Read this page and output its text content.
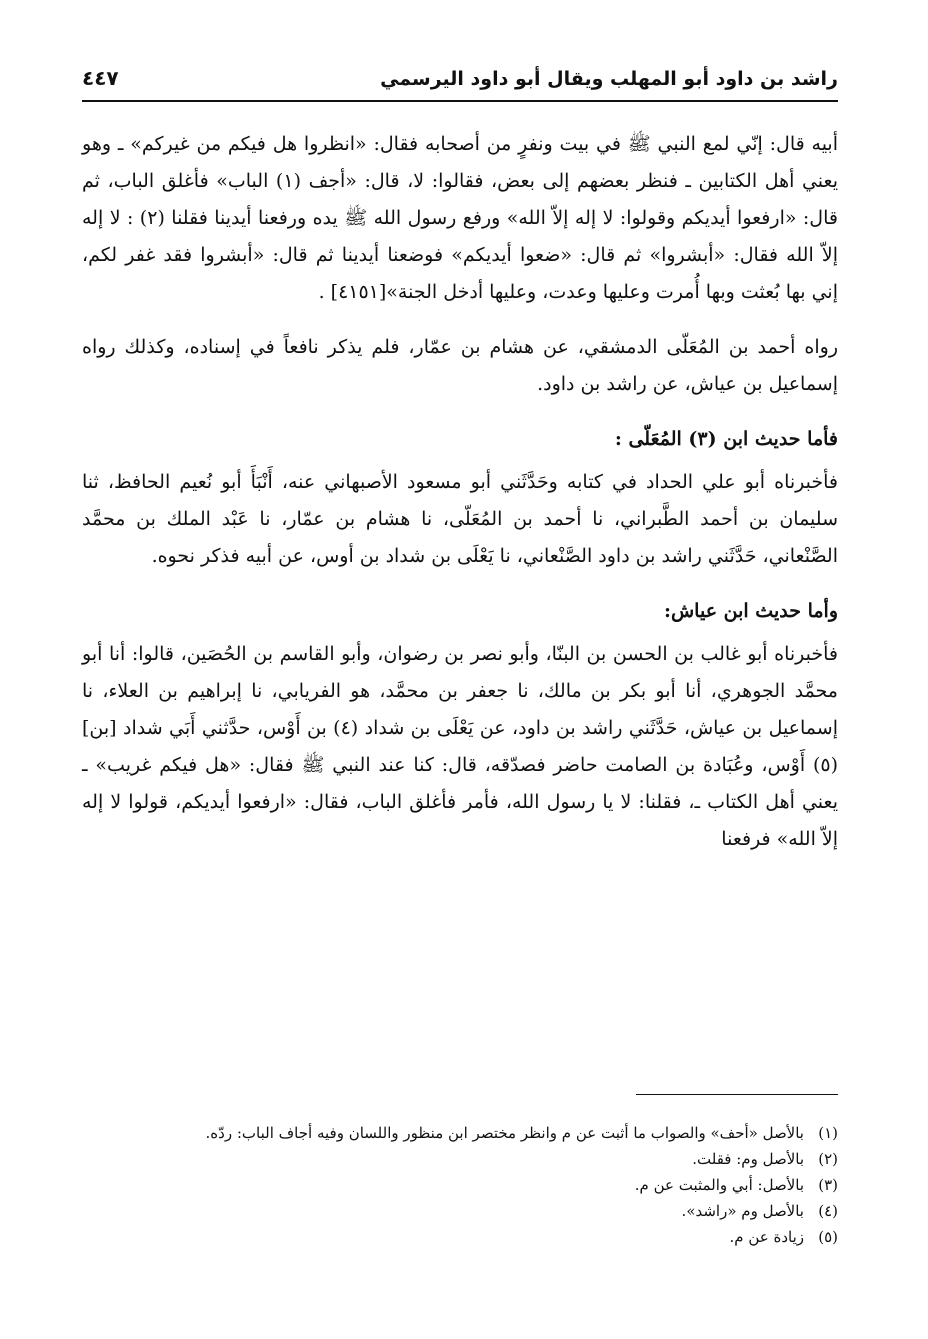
راشد بن داود أبو المهلب ويقال أبو داود اليرسمي
٤٤٧

أبيه قال: إنّي لمع النبي ﷺ في بيت ونفرٍ من أصحابه فقال: «انظروا هل فيكم من غيركم» ـ وهو يعني أهل الكتابين ـ فنظر بعضهم إلى بعض، فقالوا: لا، قال: «أجف (١) الباب» فأغلق الباب، ثم قال: «ارفعوا أيديكم وقولوا: لا إله إلاّ الله» ورفع رسول الله ﷺ يده ورفعنا أيدينا فقلنا (٢) : لا إله إلاّ الله فقال: «أبشروا» ثم قال: «ضعوا أيديكم» فوضعنا أيدينا ثم قال: «أبشروا فقد غفر لكم، إني بها بُعثت وبها أُمرت وعليها وعدت، وعليها أدخل الجنة»[٤١٥١] .

رواه أحمد بن المُعَلّى الدمشقي، عن هشام بن عمّار، فلم يذكر نافعاً في إسناده، وكذلك رواه إسماعيل بن عياش، عن راشد بن داود.

فأما حديث ابن (٣) المُعَلّى :

فأخبرناه أبو علي الحداد في كتابه وحَدَّثَني أبو مسعود الأصبهاني عنه، أَنْبَأَ أبو نُعيم الحافظ، ثنا سليمان بن أحمد الطَّبراني، نا أحمد بن المُعَلّى، نا هشام بن عمّار، نا عَبْد الملك بن محمَّد الصَّنْعاني، حَدَّثَني راشد بن داود الصَّنْعاني، نا يَعْلَى بن شداد بن أوس، عن أبيه فذكر نحوه.

وأما حديث ابن عياش:

فأخبرناه أبو غالب بن الحسن بن البنّا، وأبو نصر بن رضوان، وأبو القاسم بن الحُصَين، قالوا: أنا أبو محمَّد الجوهري، أنا أبو بكر بن مالك، نا جعفر بن محمَّد، هو الفريابي، نا إبراهيم بن العلاء، نا إسماعيل بن عياش، حَدَّثَني راشد بن داود، عن يَعْلَى بن شداد (٤) بن أَوْس، حدَّثني أَبَي شداد [بن] (٥) أَوْس، وعُبَادة بن الصامت حاضر فصدّقه، قال: كنا عند النبي ﷺ فقال: «هل فيكم غريب» ـ يعني أهل الكتاب ـ، فقلنا: لا يا رسول الله، فأمر فأغلق الباب، فقال: «ارفعوا أيديكم، قولوا لا إله إلاّ الله» فرفعنا

(١)بالأصل «أحف» والصواب ما أثبت عن م وانظر مختصر ابن منظور واللسان وفيه أجاف الباب: ردّه.

(٢)بالأصل وم: فقلت.

(٣)بالأصل: أبي والمثبت عن م.

(٤)بالأصل وم «راشد».

(٥)زيادة عن م.
